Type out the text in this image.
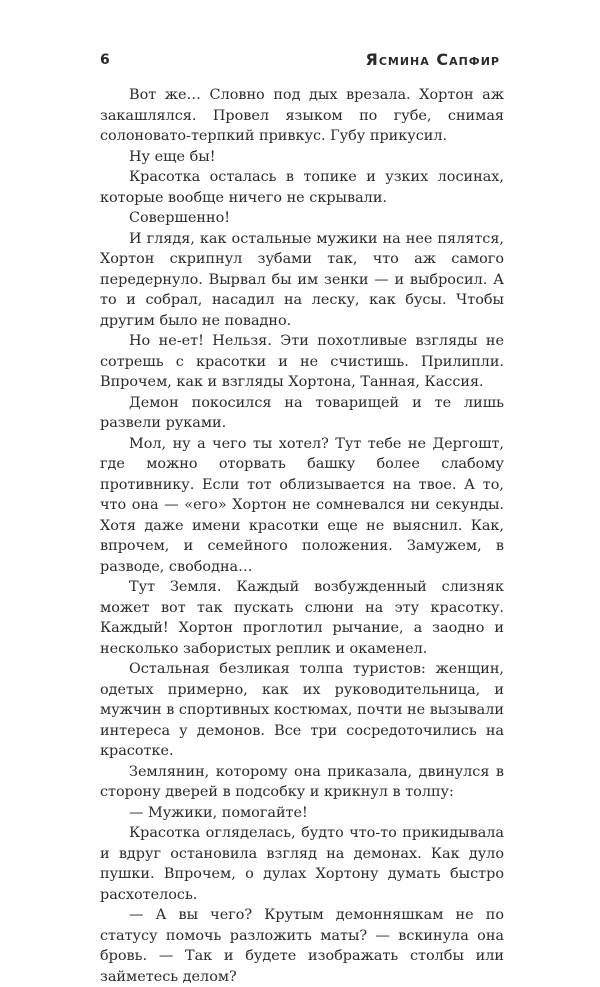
6	Ясмина Сапфир

Вот же… Словно под дых врезала. Хортон аж закашлялся. Провел языком по губе, снимая солоновато-терпкий привкус. Губу прикусил.

Ну еще бы!

Красотка осталась в топике и узких лосинах, которые вообще ничего не скрывали.

Совершенно!

И глядя, как остальные мужики на нее пялятся, Хортон скрипнул зубами так, что аж самого передернуло. Вырвал бы им зенки — и выбросил. А то и собрал, насадил на леску, как бусы. Чтобы другим было не повадно.

Но не-ет! Нельзя. Эти похотливые взгляды не сотрешь с красотки и не счистишь. Прилипли. Впрочем, как и взгляды Хортона, Танная, Кассия.

Демон покосился на товарищей и те лишь развели руками.

Мол, ну а чего ты хотел? Тут тебе не Дергошт, где можно оторвать башку более слабому противнику. Если тот облизывается на твое. А то, что она — «его» Хортон не сомневался ни секунды. Хотя даже имени красотки еще не выяснил. Как, впрочем, и семейного положения. Замужем, в разводе, свободна…

Тут Земля. Каждый возбужденный слизняк может вот так пускать слюни на эту красотку. Каждый! Хортон проглотил рычание, а заодно и несколько забористых реплик и окаменел.

Остальная безликая толпа туристов: женщин, одетых примерно, как их руководительница, и мужчин в спортивных костюмах, почти не вызывали интереса у демонов. Все три сосредоточились на красотке.

Землянин, которому она приказала, двинулся в сторону дверей в подсобку и крикнул в толпу:

— Мужики, помогайте!

Красотка огляделась, будто что-то прикидывала и вдруг остановила взгляд на демонах. Как дуло пушки. Впрочем, о дулах Хортону думать быстро расхотелось.

— А вы чего? Крутым демонняшкам не по статусу помочь разложить маты? — вскинула она бровь. — Так и будете изображать столбы или займетесь делом?
